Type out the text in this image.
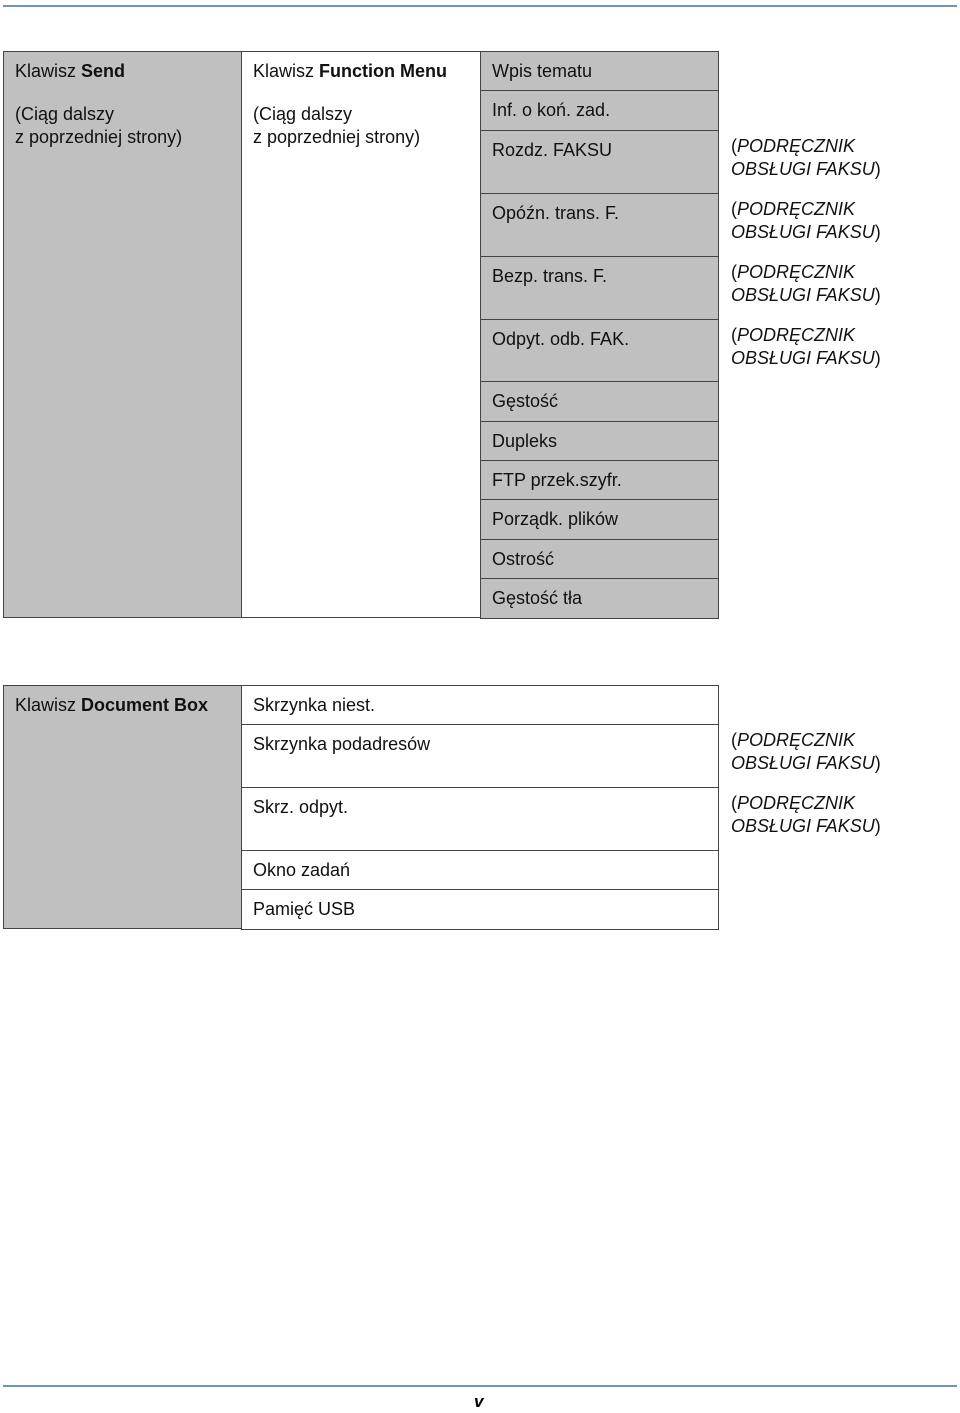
Klawisz Send
(Ciąg dalszy
z poprzedniej strony)
Klawisz Function Menu
(Ciąg dalszy
z poprzedniej strony)
Klawisz Document Box
v
Wpis tematu
Inf. o koń. zad.
Rozdz. FAKSU	(PODRĘCZNIK
OBSŁUGI FAKSU)
Opóźn. trans. F.	(PODRĘCZNIK
OBSŁUGI FAKSU)
Bezp. trans. F.	(PODRĘCZNIK
OBSŁUGI FAKSU)
Odpyt. odb. FAK.	(PODRĘCZNIK
OBSŁUGI FAKSU)
Gęstość
Dupleks
FTP przek.szyfr.
Porządk. plików
Ostrość
Gęstość tła
Skrzynka niest.
Skrzynka podadresów	(PODRĘCZNIK
OBSŁUGI FAKSU)
Skrz. odpyt.	(PODRĘCZNIK
OBSŁUGI FAKSU)
Okno zadań
Pamięć USB
